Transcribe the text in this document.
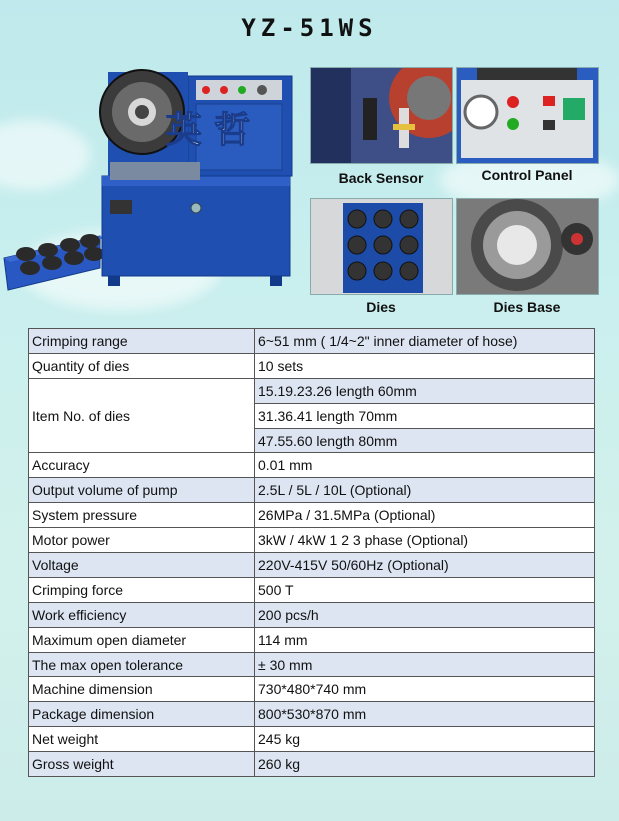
YZ-51WS
英 哲
Back Sensor	Control Panel
Dies	Dies Base
Crimping range	6~51 mm ( 1/4~2" inner diameter of hose)
Quantity of dies	10 sets
Item No. of dies	15.19.23.26 length 60mm
	31.36.41 length 70mm
	47.55.60 length 80mm
Accuracy	0.01 mm
Output volume of pump	2.5L / 5L / 10L (Optional)
System pressure	26MPa / 31.5MPa (Optional)
Motor power	3kW / 4kW 1 2 3 phase (Optional)
Voltage	220V-415V 50/60Hz (Optional)
Crimping force	500 T
Work efficiency	200 pcs/h
Maximum open diameter	114 mm
The max open tolerance	± 30 mm
Machine dimension	730*480*740 mm
Package dimension	800*530*870 mm
Net weight	245 kg
Gross weight	260 kg
